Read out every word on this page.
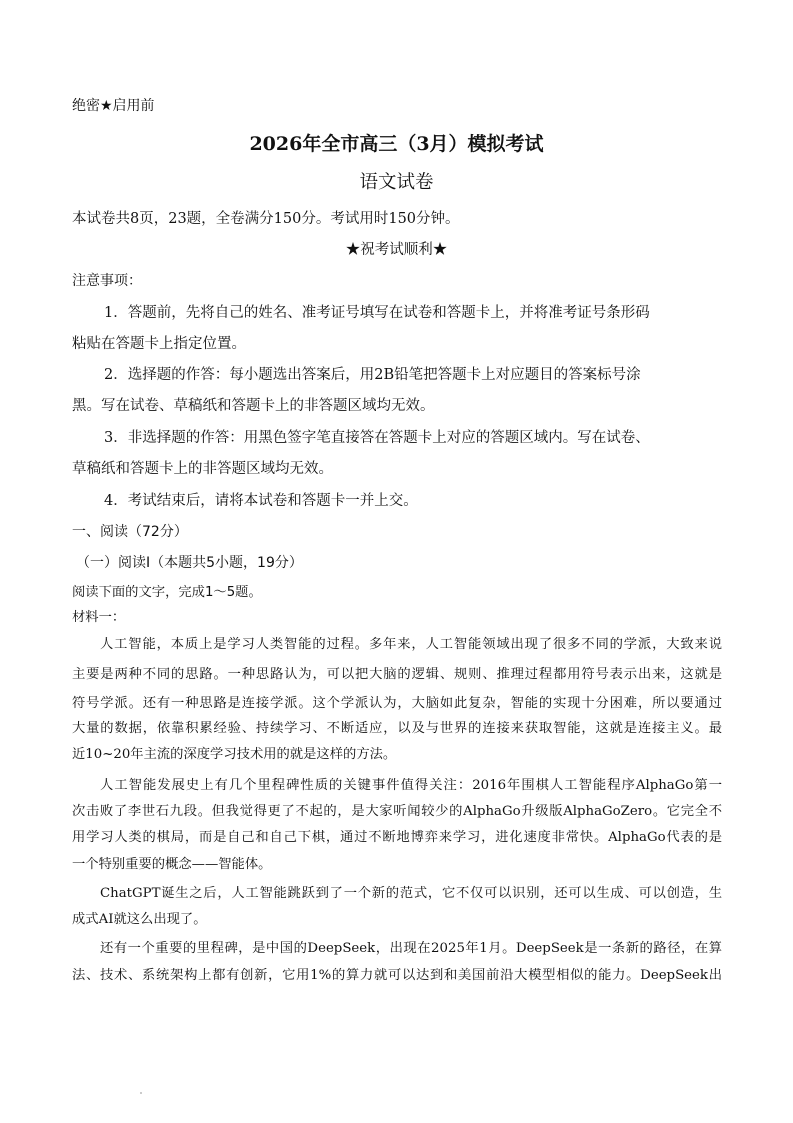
绝密★启用前
2026年全市高三（3月）模拟考试
语文试卷
本试卷共8页，23题，全卷满分150分。考试用时150分钟。
★祝考试顺利★
注意事项：
1．答题前，先将自己的姓名、准考证号填写在试卷和答题卡上，并将准考证号条形码
粘贴在答题卡上指定位置。
2．选择题的作答：每小题选出答案后，用2B铅笔把答题卡上对应题目的答案标号涂
黑。写在试卷、草稿纸和答题卡上的非答题区域均无效。
3．非选择题的作答：用黑色签字笔直接答在答题卡上对应的答题区域内。写在试卷、
草稿纸和答题卡上的非答题区域均无效。
4．考试结束后，请将本试卷和答题卡一并上交。
一、阅读（72分）
（一）阅读Ⅰ（本题共5小题，19分）
阅读下面的文字，完成1～5题。
材料一：
人工智能，本质上是学习人类智能的过程。多年来，人工智能领域出现了很多不同的学派，大致来说
主要是两种不同的思路。一种思路认为，可以把大脑的逻辑、规则、推理过程都用符号表示出来，这就是
符号学派。还有一种思路是连接学派。这个学派认为，大脑如此复杂，智能的实现十分困难，所以要通过
大量的数据，依靠积累经验、持续学习、不断适应，以及与世界的连接来获取智能，这就是连接主义。最
近10~20年主流的深度学习技术用的就是这样的方法。
人工智能发展史上有几个里程碑性质的关键事件值得关注：2016年围棋人工智能程序AlphaGo第一
次击败了李世石九段。但我觉得更了不起的，是大家听闻较少的AlphaGo升级版AlphaGoZero。它完全不
用学习人类的棋局，而是自己和自己下棋，通过不断地博弈来学习，进化速度非常快。AlphaGo代表的是
一个特别重要的概念——智能体。
ChatGPT诞生之后，人工智能跳跃到了一个新的范式，它不仅可以识别，还可以生成、可以创造，生
成式AI就这么出现了。
还有一个重要的里程碑，是中国的DeepSeek，出现在2025年1月。DeepSeek是一条新的路径，在算
法、技术、系统架构上都有创新，它用1%的算力就可以达到和美国前沿大模型相似的能力。DeepSeek出
